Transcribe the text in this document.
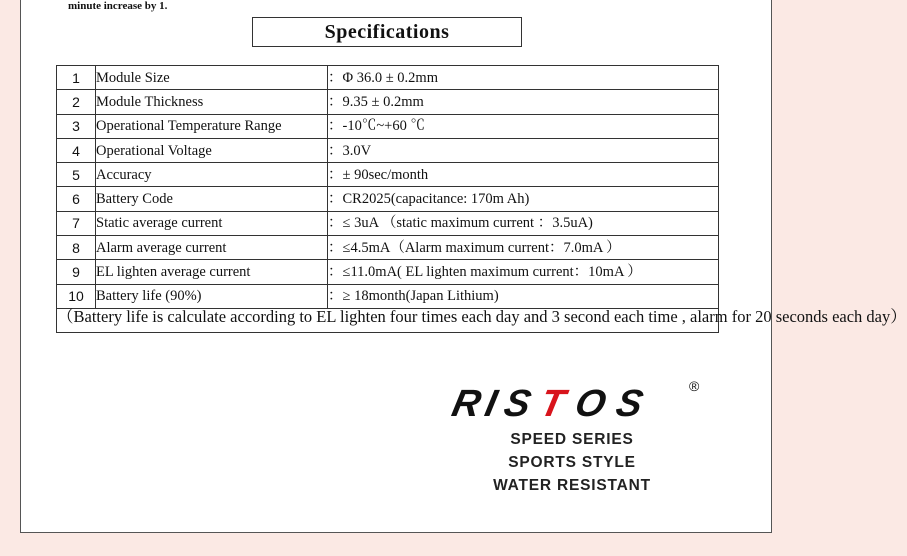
minute increase by 1.
Specifications
1	Module Size	：Φ 36.0 ± 0.2mm
2	Module Thickness	：9.35 ± 0.2mm
3	Operational Temperature Range	：-10℃~+60 ℃
4	Operational Voltage	：3.0V
5	Accuracy	：± 90sec/month
6	Battery Code	：CR2025(capacitance: 170m Ah)
7	Static average current	：≤ 3uA （static maximum current ：3.5uA)
8	Alarm average current	：≤4.5mA（Alarm maximum current：7.0mA ）
9	EL lighten average current	：≤11.0mA( EL lighten maximum current：10mA ）
10	Battery life (90%)	：≥ 18month(Japan Lithium)
（Battery life is calculate according to EL lighten four times each day and 3 second each time , alarm for 20 seconds each day）		
R
I S T O S	®
SPEED SERIES
SPORTS STYLE
WATER RESISTANT
